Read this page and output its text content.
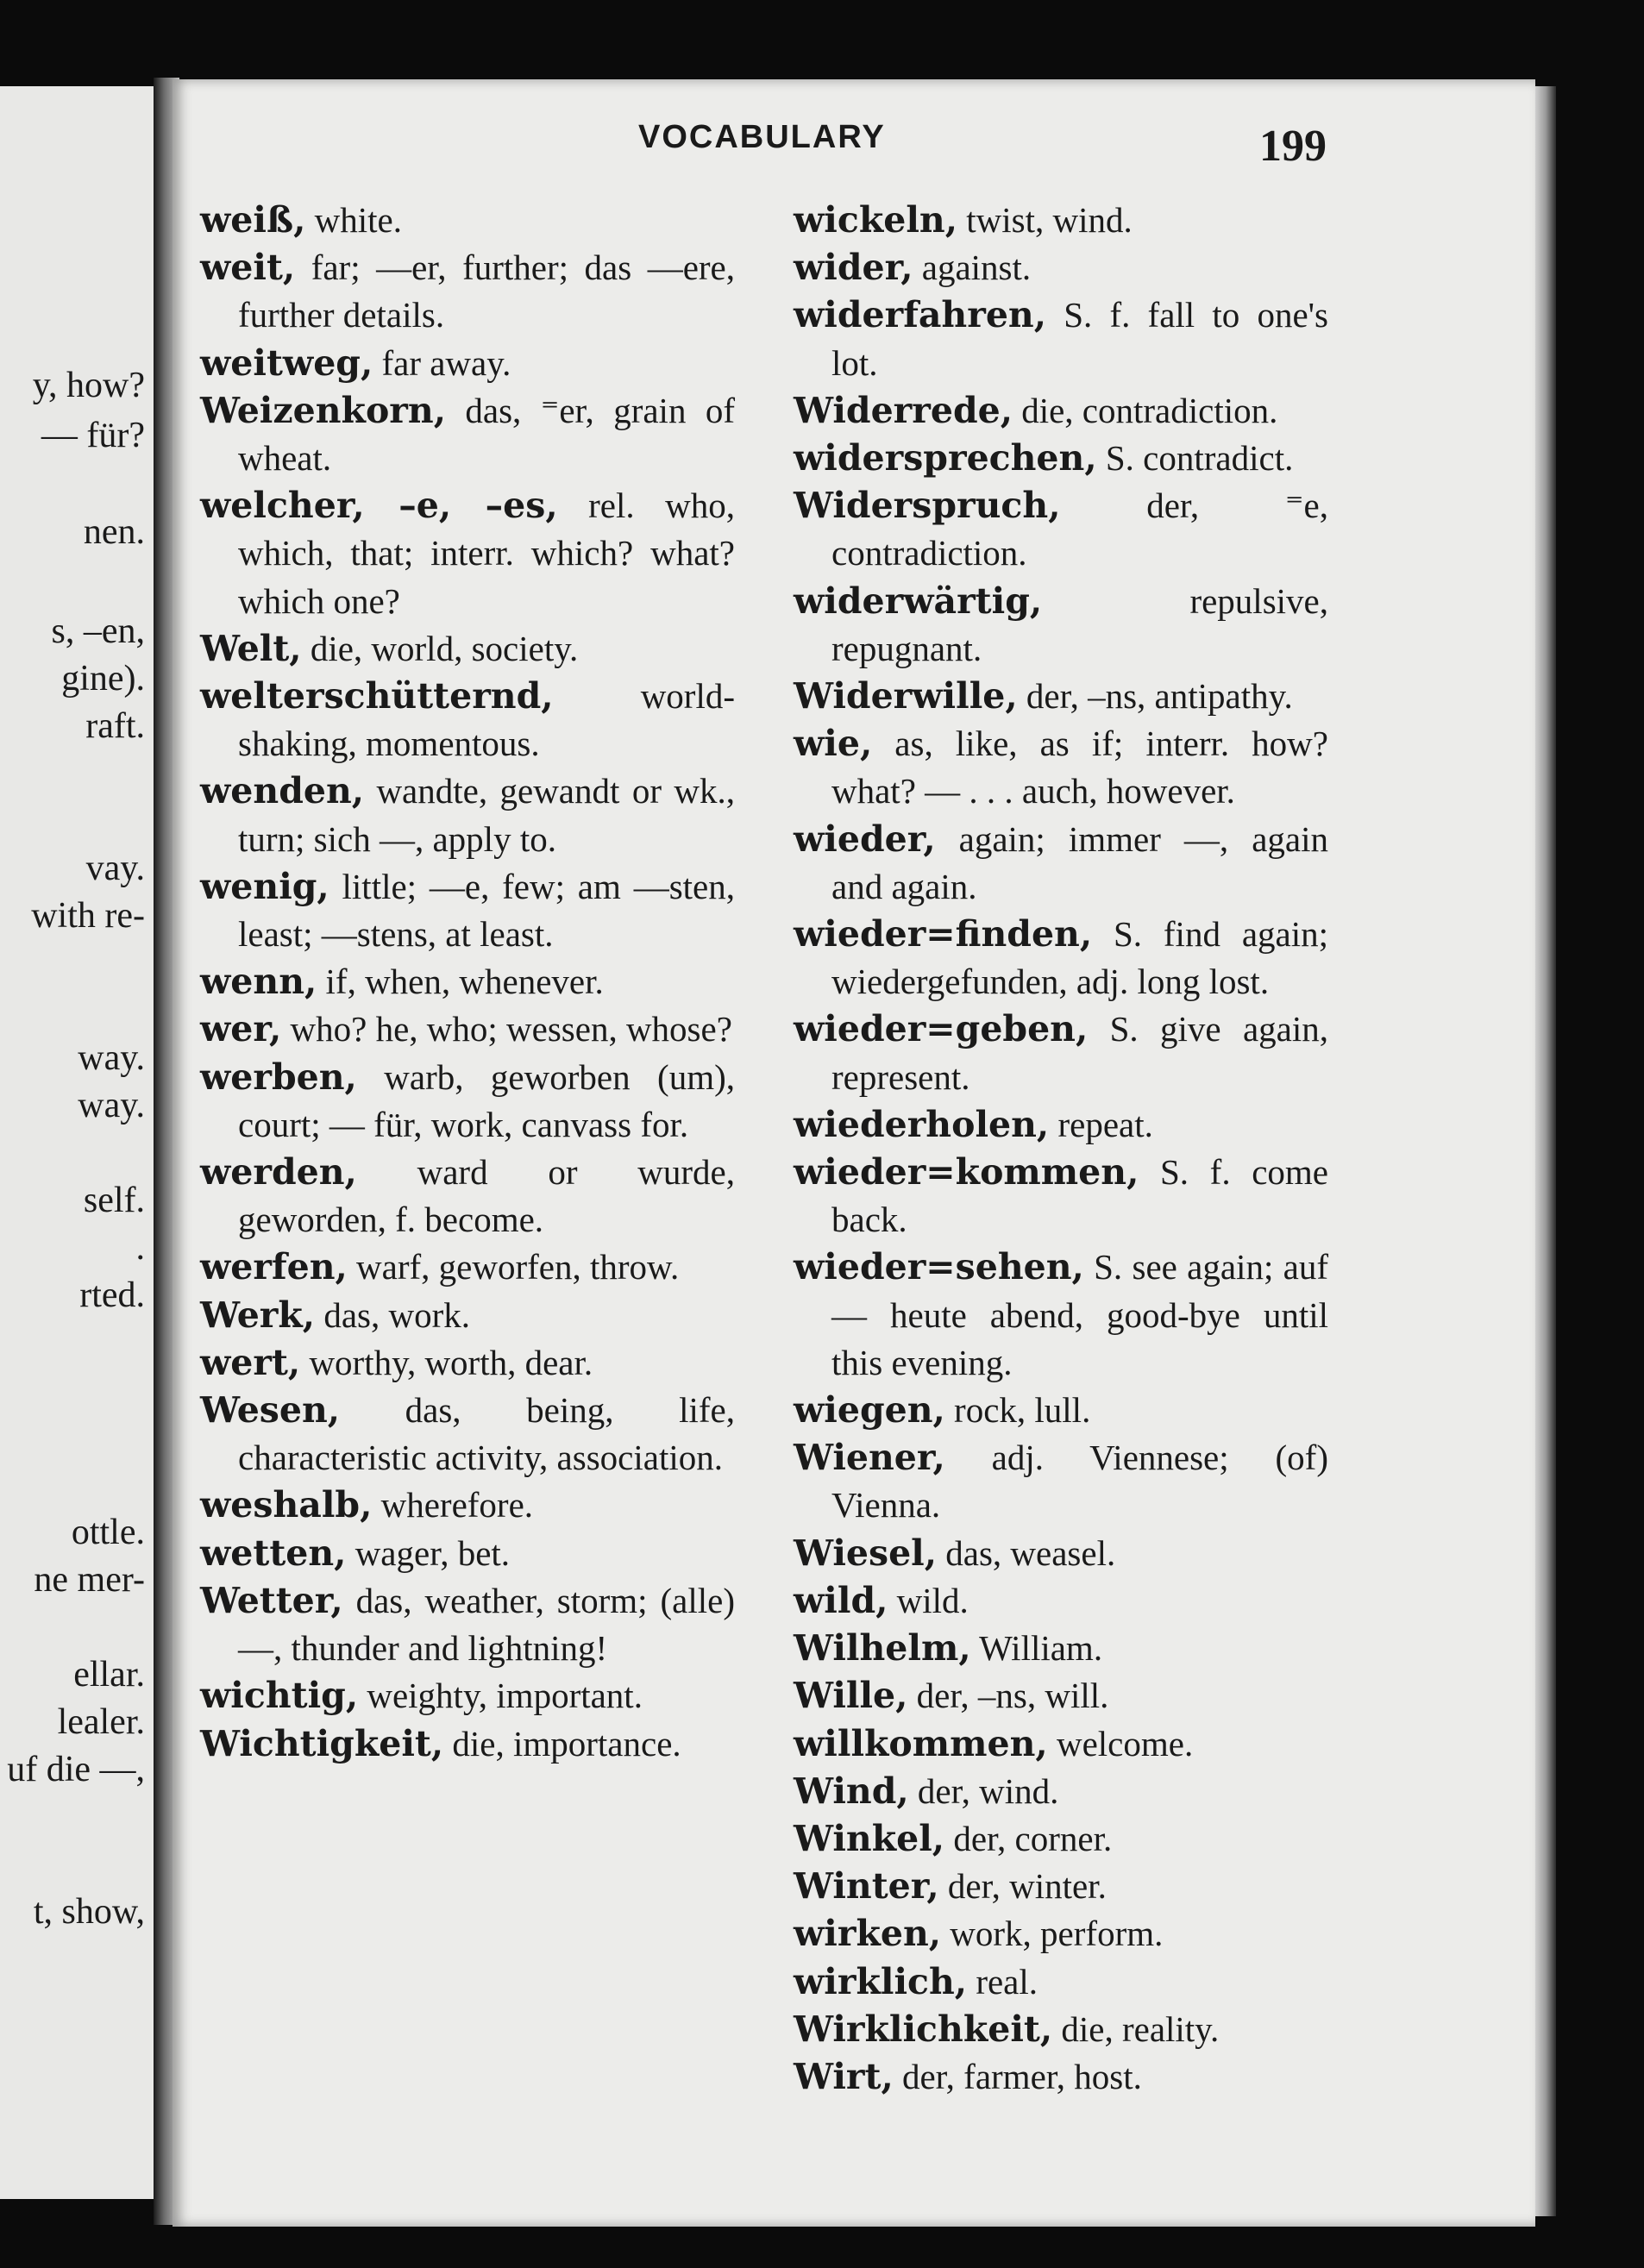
y, how?
— für?
nen.
s, –en,
gine).
raft.
vay.
with re-
way.
way.
self.
.
rted.
ottle.
ne mer-
ellar.
lealer.
uf die —,
t, show,
VOCABULARY	199
weiß, white.
weit, far; —er, further; das —ere, further details.
weitweg, far away.
Weizenkorn, das, ⁼er, grain of wheat.
welcher, –e, –es, rel. who, which, that; interr. which? what? which one?
Welt, die, world, society.
welterschütternd, world-shaking, momentous.
wenden, wandte, gewandt or wk., turn; sich —, apply to.
wenig, little; —e, few; am —sten, least; —stens, at least.
wenn, if, when, whenever.
wer, who? he, who; wessen, whose?
werben, warb, geworben (um), court; — für, work, canvass for.
werden, ward or wurde, geworden, f. become.
werfen, warf, geworfen, throw.
Werk, das, work.
wert, worthy, worth, dear.
Wesen, das, being, life, characteristic activity, association.
weshalb, wherefore.
wetten, wager, bet.
Wetter, das, weather, storm; (alle) —, thunder and lightning!
wichtig, weighty, important.
Wichtigkeit, die, importance.
wickeln, twist, wind.
wider, against.
widerfahren, S. f. fall to one's lot.
Widerrede, die, contradiction.
widersprechen, S. contradict.
Widerspruch, der, ⁼e, contradiction.
widerwärtig, repulsive, repugnant.
Widerwille, der, –ns, antipathy.
wie, as, like, as if; interr. how? what? — . . . auch, however.
wieder, again; immer —, again and again.
wieder=finden, S. find again; wiedergefunden, adj. long lost.
wieder=geben, S. give again, represent.
wiederholen, repeat.
wieder=kommen, S. f. come back.
wieder=sehen, S. see again; auf — heute abend, good-bye until this evening.
wiegen, rock, lull.
Wiener, adj. Viennese; (of) Vienna.
Wiesel, das, weasel.
wild, wild.
Wilhelm, William.
Wille, der, –ns, will.
willkommen, welcome.
Wind, der, wind.
Winkel, der, corner.
Winter, der, winter.
wirken, work, perform.
wirklich, real.
Wirklichkeit, die, reality.
Wirt, der, farmer, host.
